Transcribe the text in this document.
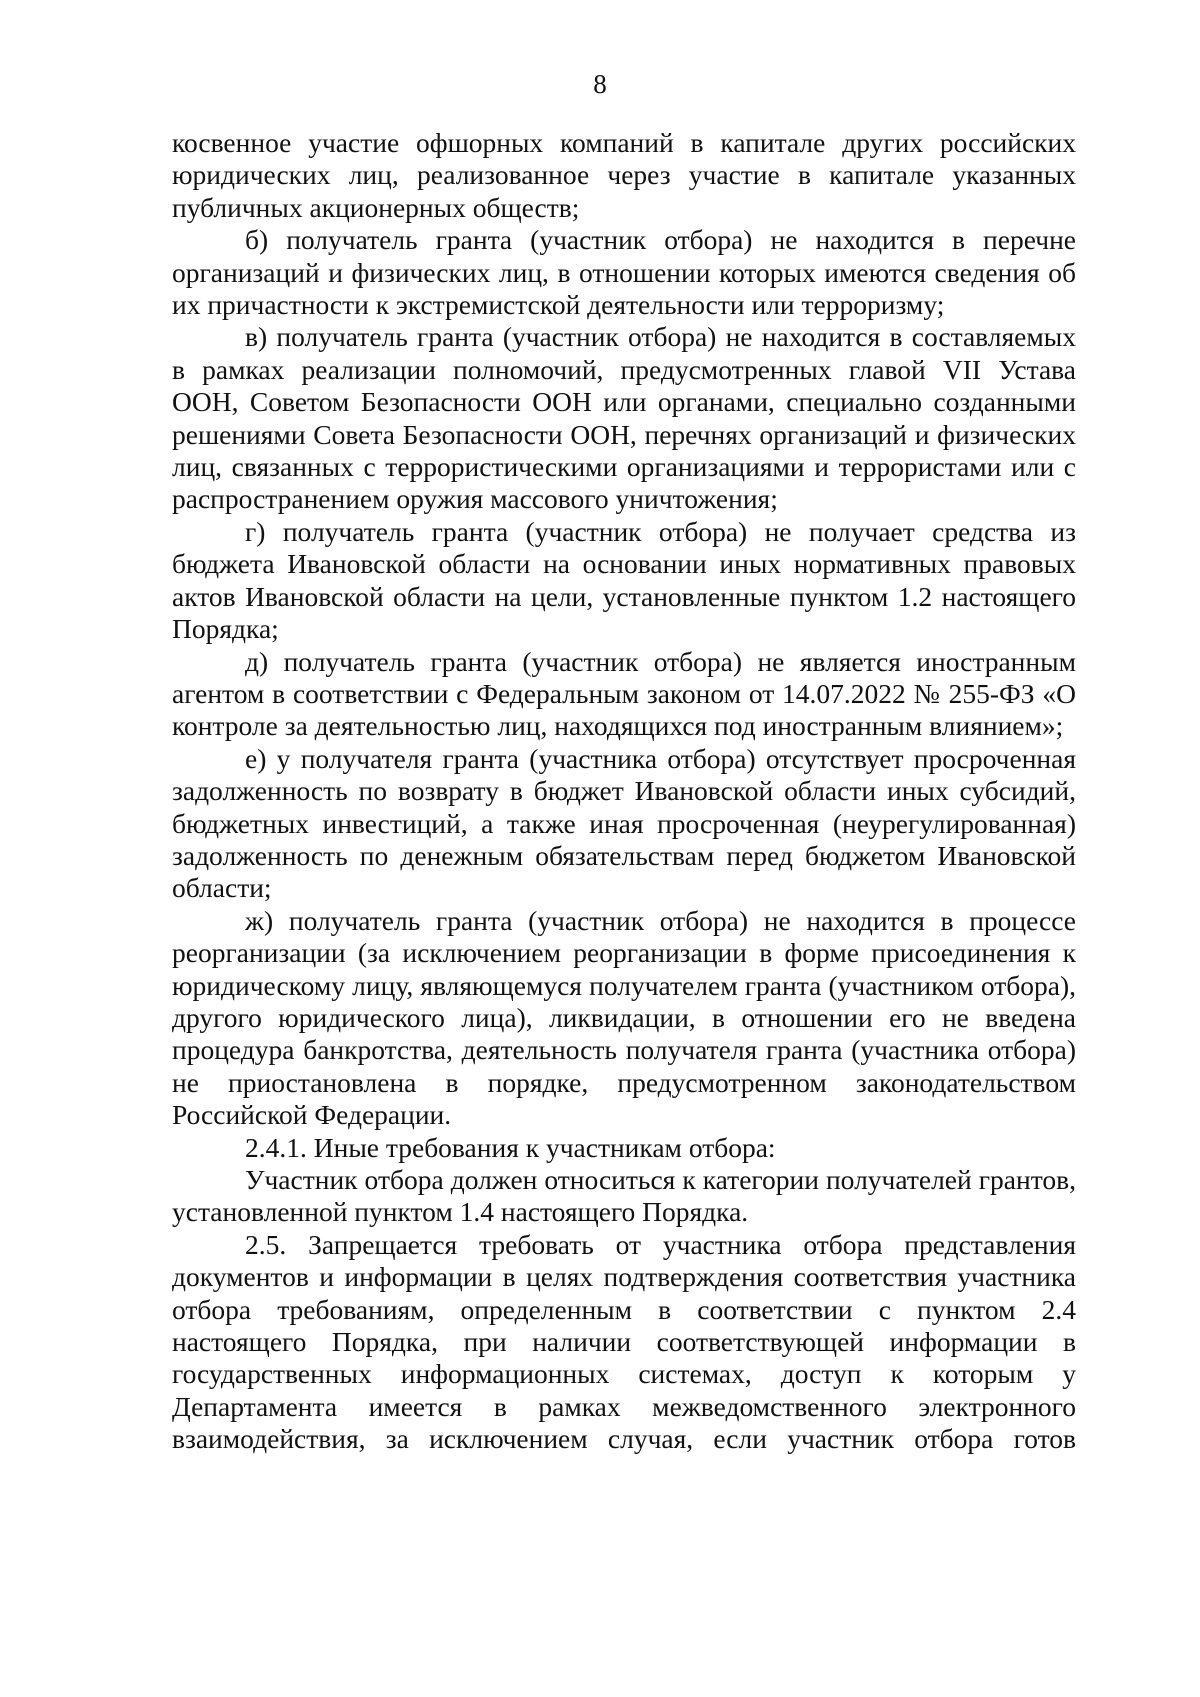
8

косвенное участие офшорных компаний в капитале других российских юридических лиц, реализованное через участие в капитале указанных публичных акционерных обществ;

б) получатель гранта (участник отбора) не находится в перечне организаций и физических лиц, в отношении которых имеются сведения об их причастности к экстремистской деятельности или терроризму;

в) получатель гранта (участник отбора) не находится в составляемых в рамках реализации полномочий, предусмотренных главой VII Устава ООН, Советом Безопасности ООН или органами, специально созданными решениями Совета Безопасности ООН, перечнях организаций и физических лиц, связанных с террористическими организациями и террористами или с распространением оружия массового уничтожения;

г) получатель гранта (участник отбора) не получает средства из бюджета Ивановской области на основании иных нормативных правовых актов Ивановской области на цели, установленные пунктом 1.2 настоящего Порядка;

д) получатель гранта (участник отбора) не является иностранным агентом в соответствии с Федеральным законом от 14.07.2022 № 255-ФЗ «О контроле за деятельностью лиц, находящихся под иностранным влиянием»;

е) у получателя гранта (участника отбора) отсутствует просроченная задолженность по возврату в бюджет Ивановской области иных субсидий, бюджетных инвестиций, а также иная просроченная (неурегулированная) задолженность по денежным обязательствам перед бюджетом Ивановской области;

ж) получатель гранта (участник отбора) не находится в процессе реорганизации (за исключением реорганизации в форме присоединения к юридическому лицу, являющемуся получателем гранта (участником отбора), другого юридического лица), ликвидации, в отношении его не введена процедура банкротства, деятельность получателя гранта (участника отбора) не приостановлена в порядке, предусмотренном законодательством Российской Федерации.

2.4.1. Иные требования к участникам отбора:

Участник отбора должен относиться к категории получателей грантов, установленной пунктом 1.4 настоящего Порядка.

2.5. Запрещается требовать от участника отбора представления документов и информации в целях подтверждения соответствия участника отбора требованиям, определенным в соответствии с пунктом 2.4 настоящего Порядка, при наличии соответствующей информации в государственных информационных системах, доступ к которым у Департамента имеется в рамках межведомственного электронного взаимодействия, за исключением случая, если участник отбора готов
